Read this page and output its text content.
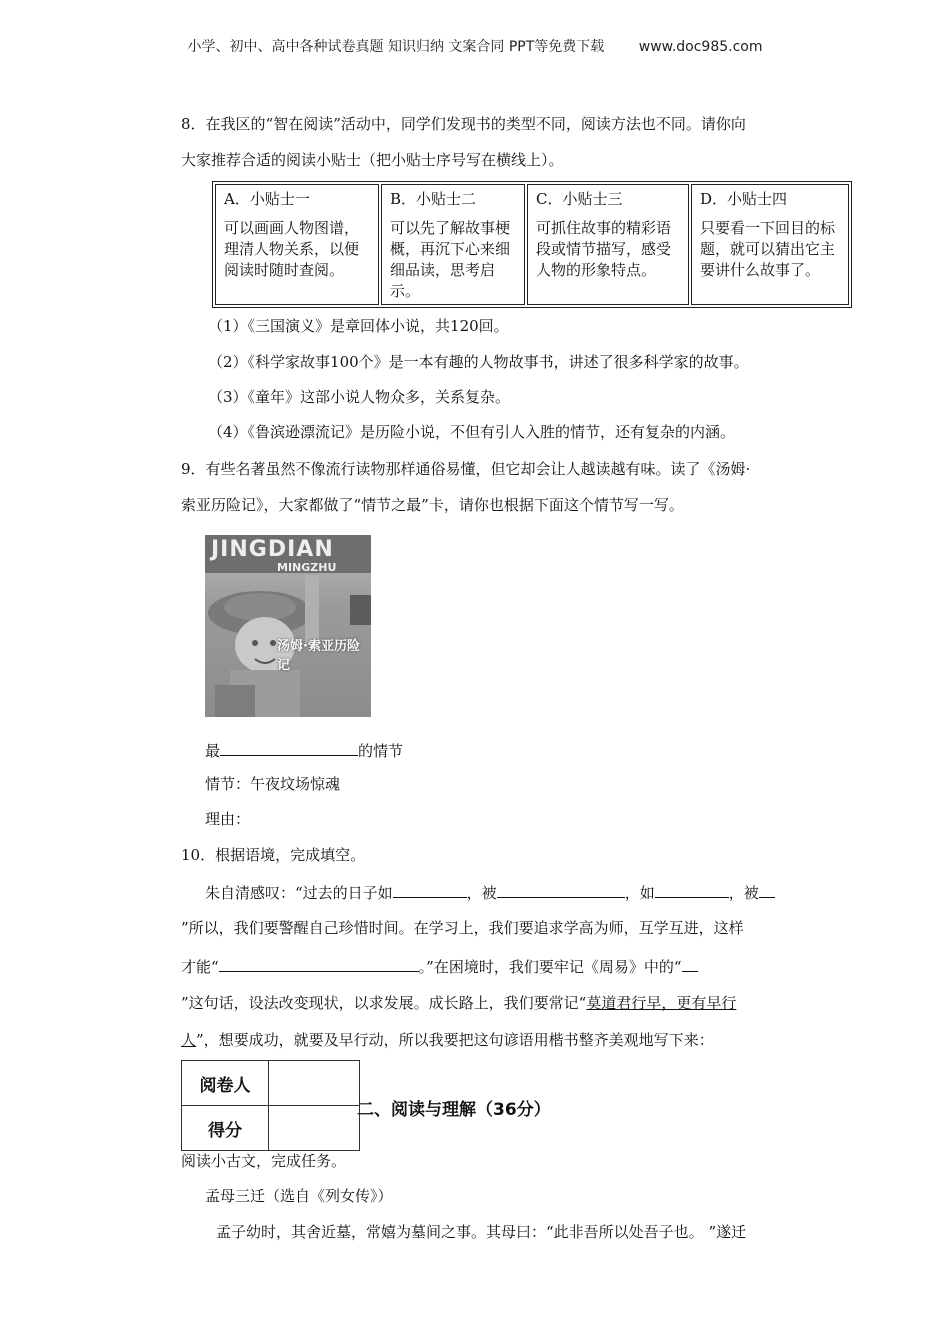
小学、初中、高中各种试卷真题 知识归纳 文案合同 PPT等免费下载 www.doc985.com
8．在我区的“智在阅读”活动中，同学们发现书的类型不同，阅读方法也不同。请你向
大家推荐合适的阅读小贴士（把小贴士序号写在横线上）。
A．小贴士一
可以画画人物图谱，理清人物关系，以便阅读时随时查阅。

B．小贴士二
可以先了解故事梗概，再沉下心来细细品读，思考启示。

C．小贴士三
可抓住故事的精彩语段或情节描写，感受人物的形象特点。

D．小贴士四
只要看一下回目的标题，就可以猜出它主要讲什么故事了。
（1）《三国演义》是章回体小说，共120回。
（2）《科学家故事100个》是一本有趣的人物故事书，讲述了很多科学家的故事。
（3）《童年》这部小说人物众多，关系复杂。
（4）《鲁滨逊漂流记》是历险小说，不但有引人入胜的情节，还有复杂的内涵。
9．有些名著虽然不像流行读物那样通俗易懂，但它却会让人越读越有味。读了《汤姆·
索亚历险记》，大家都做了“情节之最”卡，请你也根据下面这个情节写一写。
JINGDIAN
MINGZHU
汤姆·索亚历险记
最	的情节
情节：午夜坟场惊魂
理由：
10．根据语境，完成填空。
朱自清感叹：“过去的日子如	，被	，如	，被
”所以，我们要警醒自己珍惜时间。在学习上，我们要追求学高为师，互学互进，这样
才能“	。”在困境时，我们要牢记《周易》中的“
”这句话，设法改变现状，以求发展。成长路上，我们要常记“莫道君行早，更有早行
人”，想要成功，就要及早行动，所以我要把这句谚语用楷书整齐美观地写下来：
阅卷人	
得分	
二、阅读与理解（36分）
阅读小古文，完成任务。
孟母三迁（选自《列女传》）
孟子幼时，其舍近墓，常嬉为墓间之事。其母曰：“此非吾所以处吾子也。 ”遂迁
